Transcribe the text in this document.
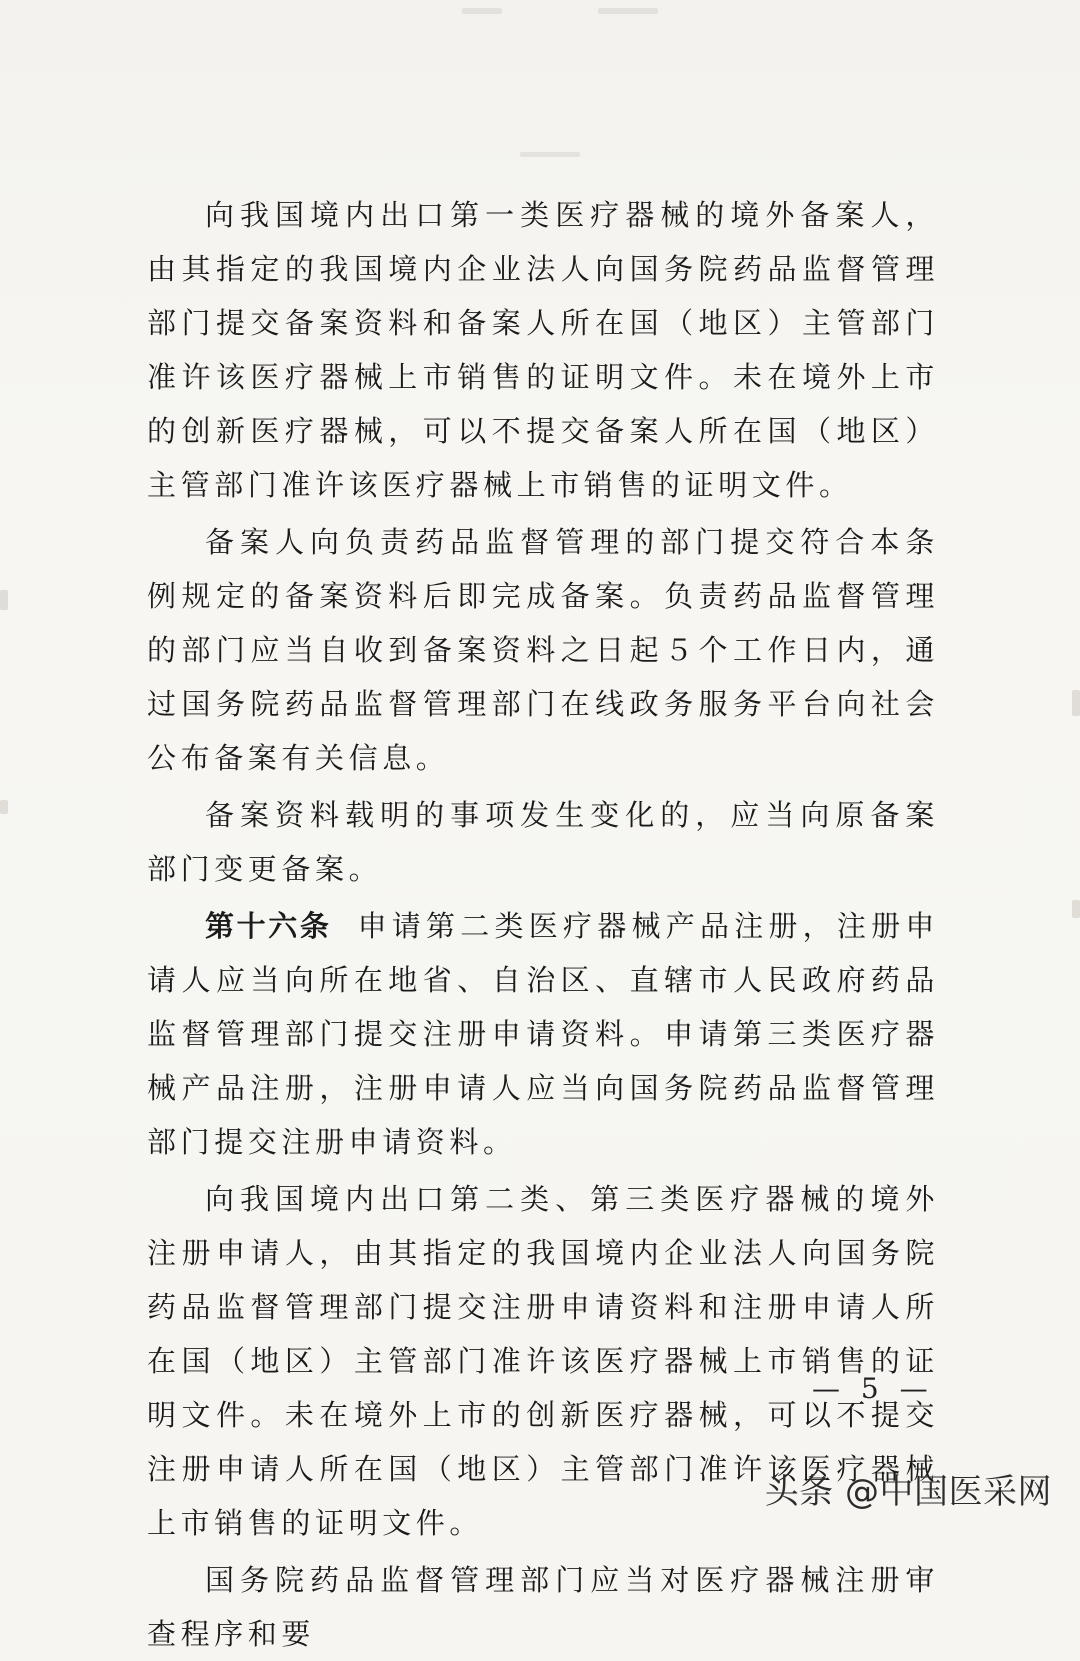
向我国境内出口第一类医疗器械的境外备案人，由其指定的我国境内企业法人向国务院药品监督管理部门提交备案资料和备案人所在国（地区）主管部门准许该医疗器械上市销售的证明文件。未在境外上市的创新医疗器械，可以不提交备案人所在国（地区）主管部门准许该医疗器械上市销售的证明文件。

备案人向负责药品监督管理的部门提交符合本条例规定的备案资料后即完成备案。负责药品监督管理的部门应当自收到备案资料之日起５个工作日内，通过国务院药品监督管理部门在线政务服务平台向社会公布备案有关信息。

备案资料载明的事项发生变化的，应当向原备案部门变更备案。

第十六条 申请第二类医疗器械产品注册，注册申请人应当向所在地省、自治区、直辖市人民政府药品监督管理部门提交注册申请资料。申请第三类医疗器械产品注册，注册申请人应当向国务院药品监督管理部门提交注册申请资料。

向我国境内出口第二类、第三类医疗器械的境外注册申请人，由其指定的我国境内企业法人向国务院药品监督管理部门提交注册申请资料和注册申请人所在国（地区）主管部门准许该医疗器械上市销售的证明文件。未在境外上市的创新医疗器械，可以不提交注册申请人所在国（地区）主管部门准许该医疗器械上市销售的证明文件。

国务院药品监督管理部门应当对医疗器械注册审查程序和要

— 5 —
头条 @中国医采网
